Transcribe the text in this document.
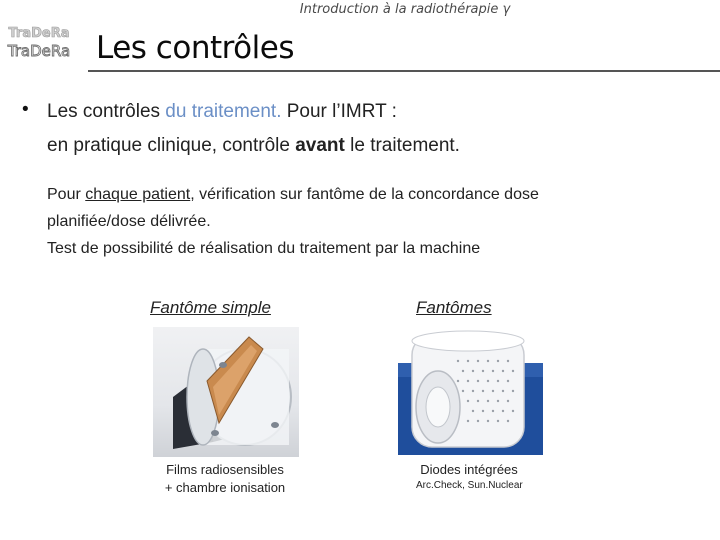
Introduction à la radiothérapie γ
TraDeRa
TraDeRa Les contrôles
• Les contrôles du traitement. Pour l’IMRT :
en pratique clinique, contrôle avant le traitement.
Pour chaque patient, vérification sur fantôme de la concordance dose
planifiée/dose délivrée.
Test de possibilité de réalisation du traitement par la machine
Fantôme simple	Fantômes
Films radiosensibles
+ chambre ionisation
Diodes intégrées
Arc.Check, Sun.Nuclear
